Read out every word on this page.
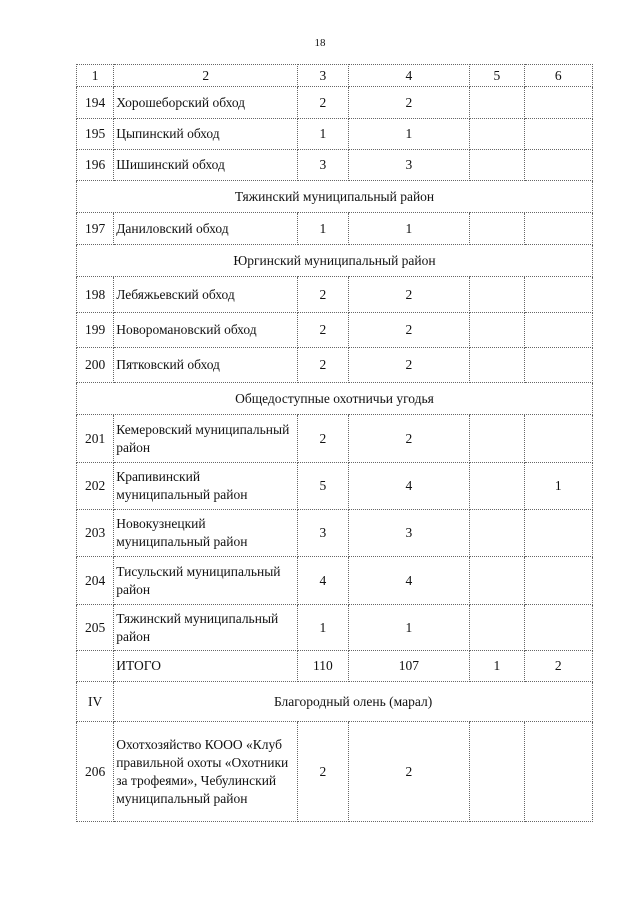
18
1	2	3	4	5	6
194	Хорошеборский обход	2	2		
195	Цыпинский обход	1	1		
196	Шишинский обход	3	3		
Тяжинский муниципальный район					
197	Даниловский обход	1	1		
Юргинский муниципальный район					
198	Лебяжьевский обход	2	2		
199	Новоромановский обход	2	2		
200	Пятковский обход	2	2		
Общедоступные охотничьи угодья					
201	Кемеровский муниципальный район	2	2		
202	Крапивинский муниципальный район	5	4		1
203	Новокузнецкий муниципальный район	3	3		
204	Тисульский муниципальный район	4	4		
205	Тяжинский муниципальный район	1	1		
	ИТОГО	110	107	1	2
IV	Благородный олень (марал)				
206	Охотхозяйство КООО «Клуб правильной охоты «Охотники за трофеями», Чебулинский муниципальный район	2	2		
